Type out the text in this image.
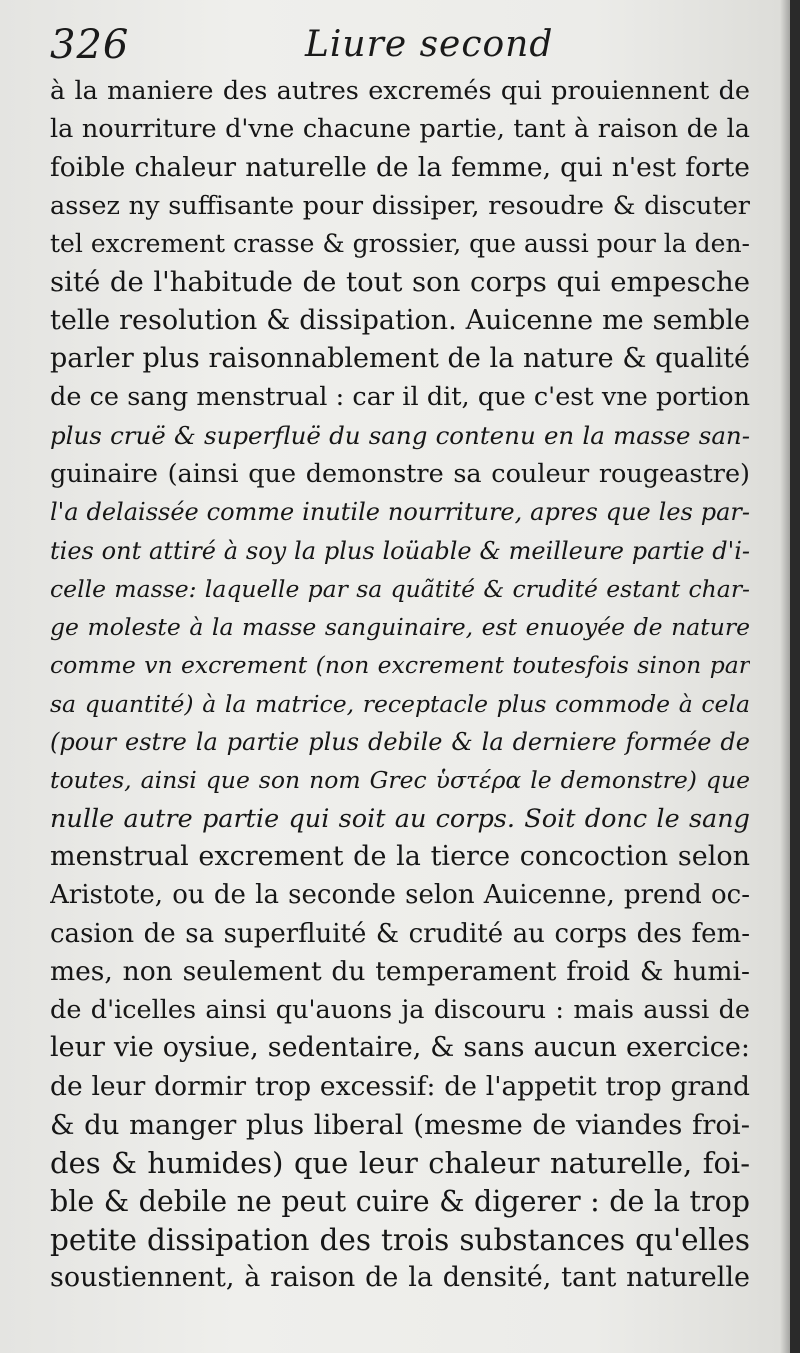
326	Liure second
à la maniere des autres excremés qui prouiennent de
la nourriture d'vne chacune partie, tant à raison de la
foible chaleur naturelle de la femme, qui n'est forte
assez ny suffisante pour dissiper, resoudre & discuter
tel excrement crasse & grossier, que aussi pour la den-
sité de l'habitude de tout son corps qui empesche
telle resolution & dissipation. Auicenne me semble
parler plus raisonnablement de la nature & qualité
de ce sang menstrual : car il dit, que c'est vne portion
plus cruë & superfluë du sang contenu en la masse san-
guinaire (ainsi que demonstre sa couleur rougeastre)
l'a delaissée comme inutile nourriture, apres que les par-
ties ont attiré à soy la plus loüable & meilleure partie d'i-
celle masse: laquelle par sa quãtité & crudité estant char-
ge moleste à la masse sanguinaire, est enuoyée de nature
comme vn excrement (non excrement toutesfois sinon par
sa quantité) à la matrice, receptacle plus commode à cela
(pour estre la partie plus debile & la derniere formée de
toutes, ainsi que son nom Grec ὑστέρα le demonstre) que
nulle autre partie qui soit au corps. Soit donc le sang
menstrual excrement de la tierce concoction selon
Aristote, ou de la seconde selon Auicenne, prend oc-
casion de sa superfluité & crudité au corps des fem-
mes, non seulement du temperament froid & humi-
de d'icelles ainsi qu'auons ja discouru : mais aussi de
leur vie oysiue, sedentaire, & sans aucun exercice:
de leur dormir trop excessif: de l'appetit trop grand
& du manger plus liberal (mesme de viandes froi-
des & humides) que leur chaleur naturelle, foi-
ble & debile ne peut cuire & digerer : de la trop
petite dissipation des trois substances qu'elles
soustiennent, à raison de la densité, tant naturelle
